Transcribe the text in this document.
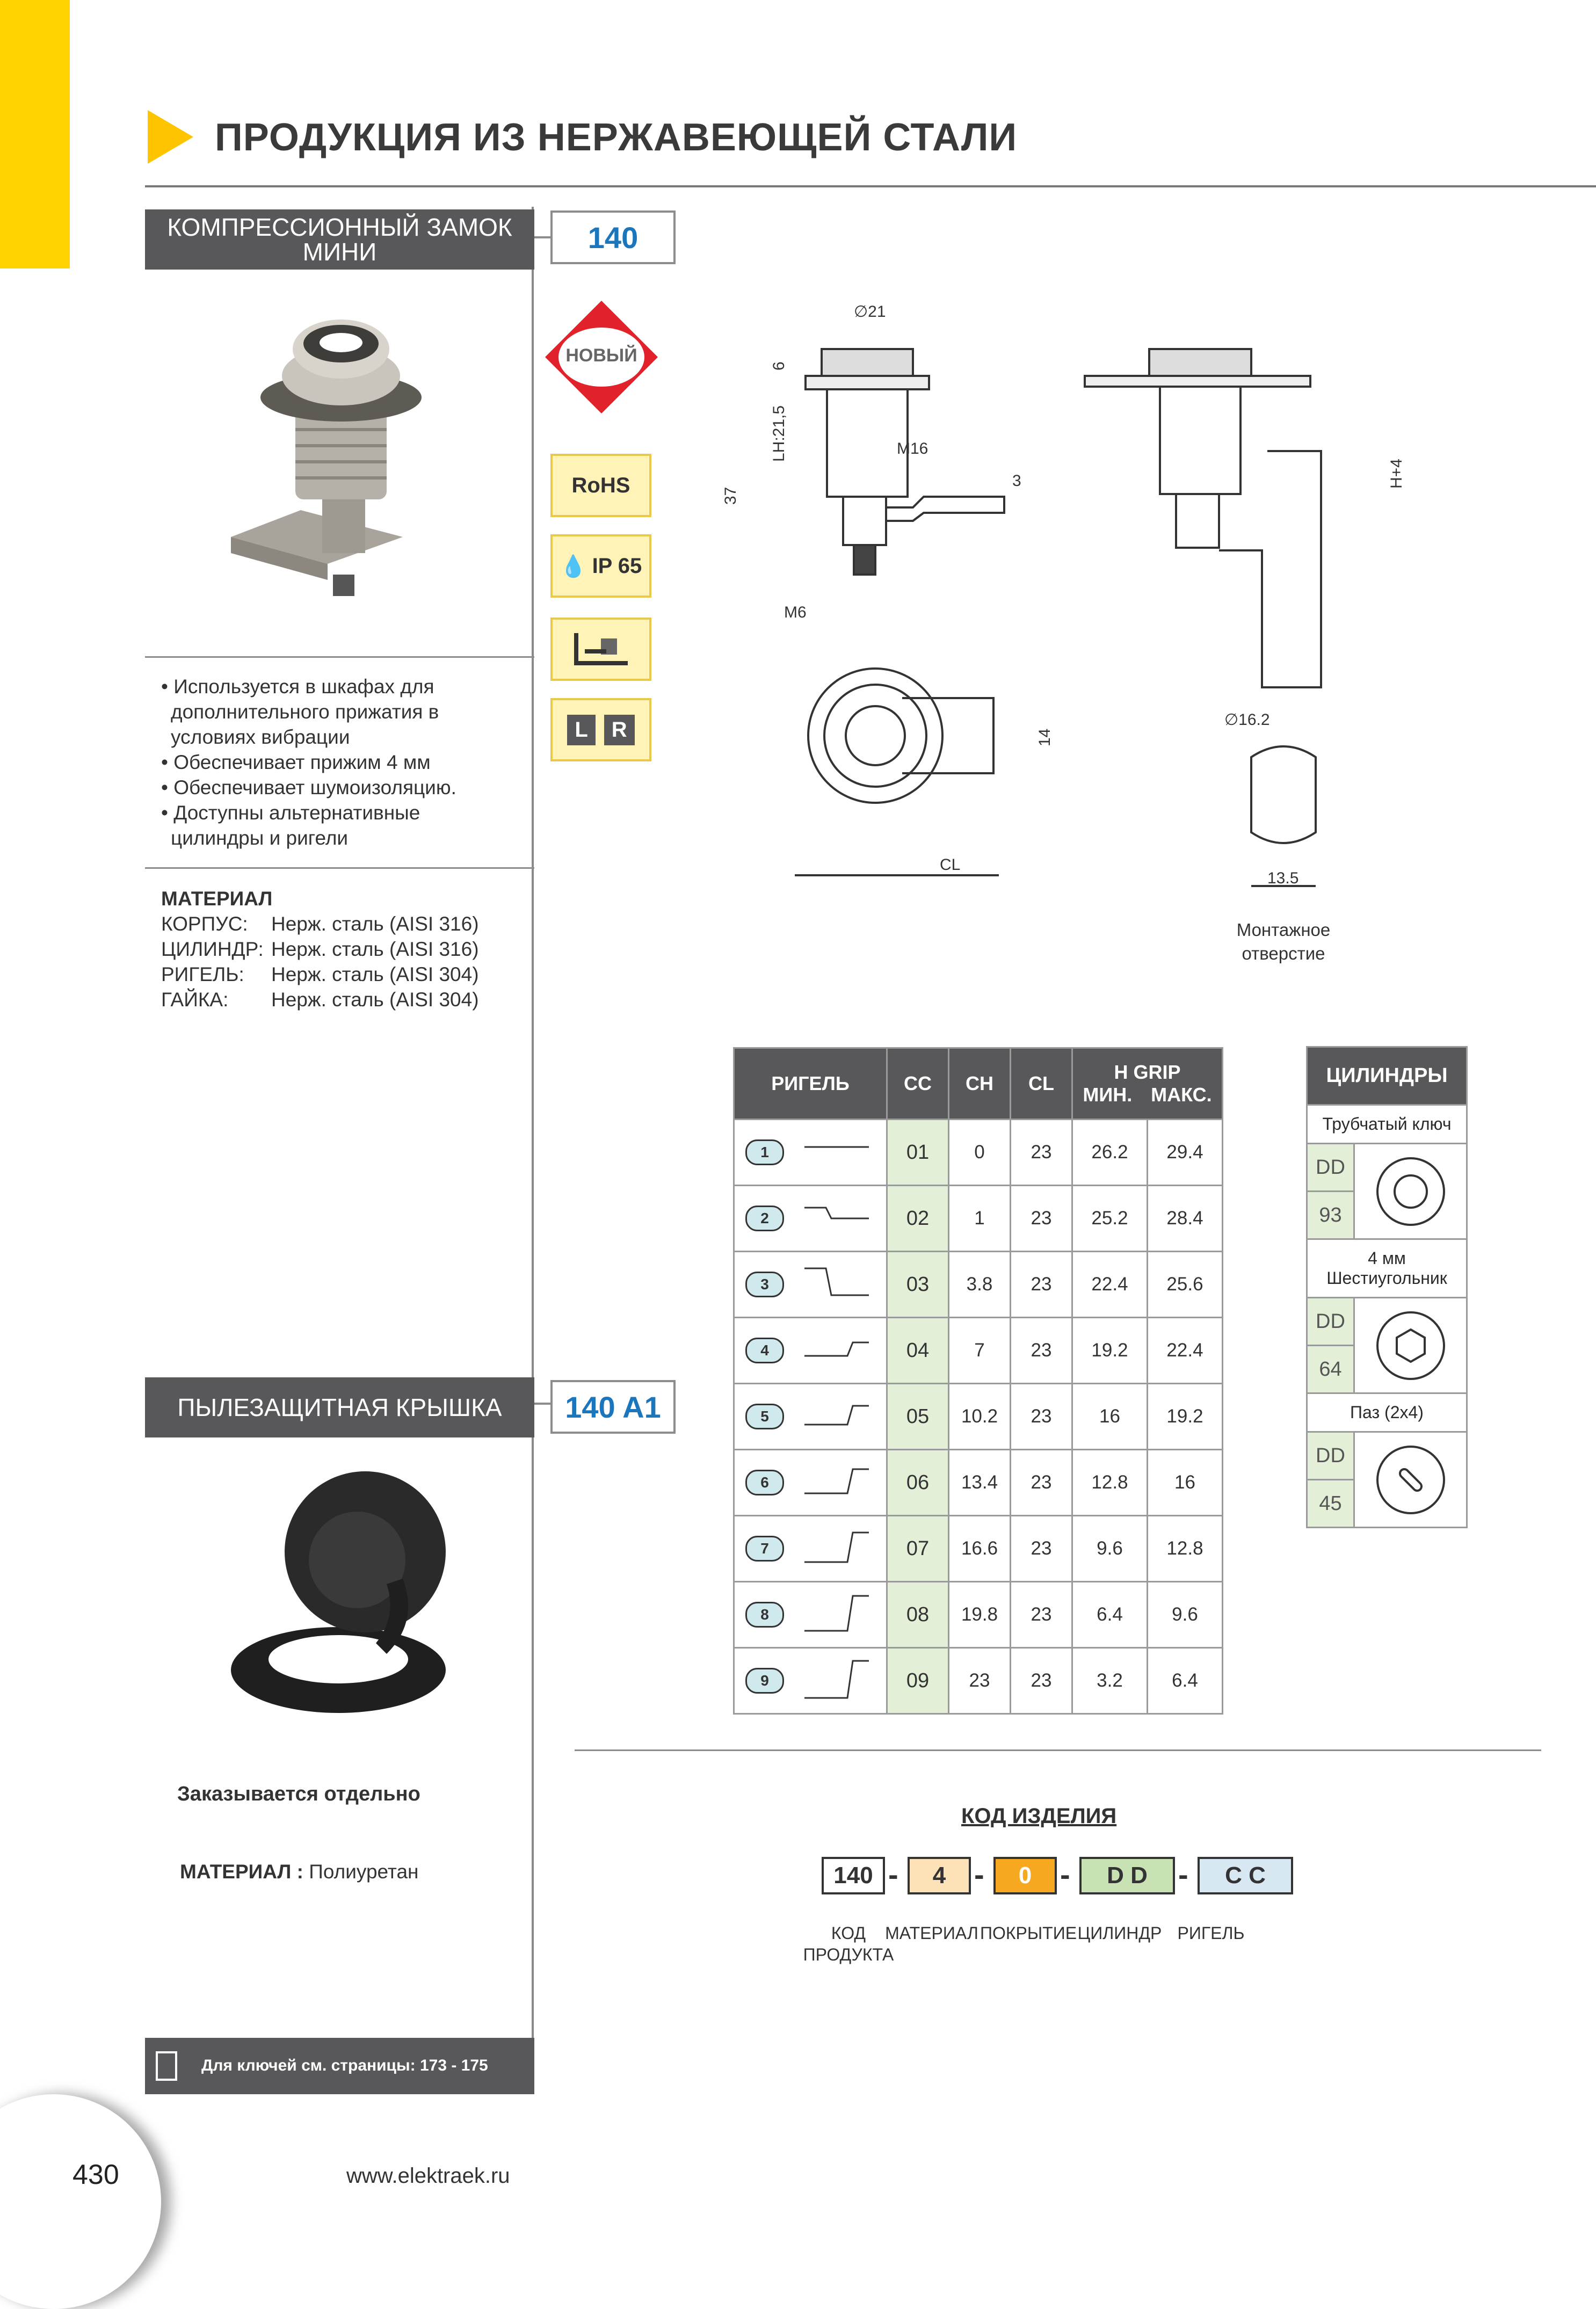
ПРОДУКЦИЯ ИЗ НЕРЖАВЕЮЩЕЙ СТАЛИ
КОМПРЕССИОННЫЙ ЗАМОК МИНИ	140
НОВЫЙ
RoHS
💧 IP 65
L	R
• Используется в шкафах для
дополнительного прижатия в
условиях вибрации
• Обеспечивает прижим 4 мм
• Обеспечивает шумоизоляцию.
• Доступны альтернативные
цилиндры и ригели
МАТЕРИАЛ
КОРПУС: Нерж. сталь (AISI 316)
ЦИЛИНДР: Нерж. сталь (AISI 316)
РИГЕЛЬ: Нерж. сталь (AISI 304)
ГАЙКА: Нерж. сталь (AISI 304)
∅21
M16
3
M6
6
LH:21,5
37
H+4
CL
14
∅16.2
13.5
Монтажное
отверстие
РИГЕЛЬ	CC	CH	CL	H GRIP
МИН. МАКС.	

1	01	0	23	26.2	29.4
2	02	1	23	25.2	28.4
3	03	3.8	23	22.4	25.6
4	04	7	23	19.2	22.4
5	05	10.2	23	16	19.2
6	06	13.4	23	12.8	16
7	07	16.6	23	9.6	12.8
8	08	19.8	23	6.4	9.6
9	09	23	23	3.2	6.4
ЦИЛИНДРЫ
Трубчатый ключ
DD
93
4 мм Шестиугольник
DD
64
Паз (2х4)
DD
45
ПЫЛЕЗАЩИТНАЯ КРЫШКА 140 A1
Заказывается отдельно
МАТЕРИАЛ : Полиуретан
КОД ИЗДЕЛИЯ
140 -	4 -	0 -	D D	-	C C
КОД ПРОДУКТА
МАТЕРИАЛ ПОКРЫТИЕ ЦИЛИНДР РИГЕЛЬ
Для ключей см. страницы: 173 - 175
430	www.elektraek.ru
